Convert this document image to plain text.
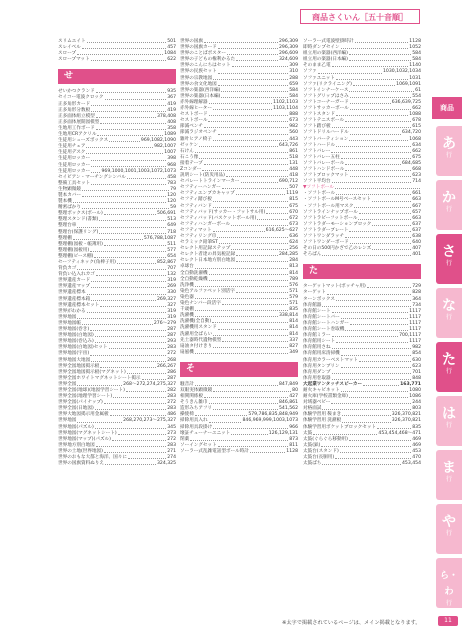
商品さくいん［五十音順］
スリムエイト	501
スレイベル	457
スロープ	1084
スロープマット	622
せ
せいかつクランド	935
セイコー電波クロック	367
正多角形カード	419
正多角形分数板	419
正多面体組立模型	378,408
正多面体展開図模型	408
生地用工作ボード	358
生地用CRアクリル	1089
生徒用シューズボックス	969,1082,1090
生徒用チェア	982,1007
生徒用デスク	1007
生徒用ロッカー	398
生徒用ロッカー	968
生徒用ロッカー 969,1000,1001,1003,1072,1073
セイビアン・マーチングシンバル	458
整備工具セット	783
生物顕微鏡	79
製本カバー	120
製本機	120
精密ばかり	59
整理ボックス(ボール)	506,691
整理スタンド(書類)	513
整理台車	649
整理台(保護リング)	718
整理棚	576,788,1087
整理棚(図板・帳簿用)	511
整理棚(図板用)	577
整理棚(ピース棚)	654
セーフティネック(角棒子用)	852,867
背負カゴ	707
背負い込入れカゴ	132
世界遺産カード	319
世界遺産マップ	269
世界遺産標本	330
世界遺産標本箱	269,327
世界遺産標本セット	327
世界がわかる	319
世界地図	319
世界地図帳	276〜279
世界地図(巻き)	287
世界地図(白地図)	287
世界地図(巻込み)	293
世界地図(白地図)セット	283
世界地図(宇宙)	272
世界地図大地図	268
世界全図地図掲示板	266,267
世界全図地図掲示板(マグネット)	286
世界全図ホワイトマグネットシート掲示	287
世界全図	268〜272,274,275,327
世界全図(地球)(地図学習シート)	282
世界全図(地理学習シート)	283
世界全図(パイナップ)	272
世界全図(日地図)	283
世界大地図掲示用金属板	486
世界地図	268,270,273〜275,327
世界地図(パズル)	345
世界地図(マグネットシート)	273
世界地図(マップ)(パズル)	272
世界地方別白地図	283
世界の土地(世界地図)	271
世界のおもな大都と海洋、国々に	274
世界の国旗資料ぬりえ	324,325
世界の国旗	296,309
世界の国旗カード	296,309
世界のことばポスター	296,609
世界の子どもの権利かるた	324,609
世界のこんにちはセット	309
世界の民族セット	310
世界の宗教地図	288
世界の食文化地図	659
世界の楽器(西洋編)	584
世界の楽器(日本編)	584
赤外線理解器	1102,1103
赤外線ヒーター	1103,1104
セストボード	888
セストボール	673
節減ベンチ	982
節減ラジオペンチ	560
雑叶ヒアノ椅子	443
ゼッケン	643,726
石けん	861
石こう像	518
接着テープ	131
Zコンダー	448
説明シート(防災用品)	418
セパレートトラインマーカー	690,712
セフティーハンガー	507
セフティエンブカキャップ	1119
セフティ踏び板	815
セフティバンド	675
セフティバッド(サッカー・フットサル用)	670
セフティバッド(バスケットボール用)	672
セフティハンガーボール	673
セフティマット	616,625〜627
セフティリング巾	636
セラミック鉛筆ST	624
セレクト用記録ステップ	256
セレクト者達の昇気税記録	284,285
セレクト日本地方別白地図	284
卓球台	813
全自動洗濯機	814
全自動乾燥機	789
洗浄機	576
染色アルファベット別活字	571
染色器	579
染色ナンバー段活字	571
千歳棚	835
洗濯機	338,814
洗濯機(全自動)	814
洗濯機用スタンド	814
洗濯用全ばらい	814
先土器時代遺物模型	337
扇油タ付けきり	827
扇風機	349
そ
騒音計	847,849
双眼実体顕微鏡	80
相関関係板	427
そうきん雑巾	846,861
造形みちアフリ	541,562
操使椅	579,786,835,848,949
掃除用具入れ	846,969,999,1003,1073
掃除用具段掛け	966
壊証チューナーユニット	126,129,131
閉薬	873
ソーイングセット	811
ソーラー式乱雑電話型ボール時計	1128
ソーラー式電波壁掛時計	1128
即時ダンプセイン	1052
組立用の楽器(西洋編)	584
組立用の楽器(日本編)	584
そのまま乙電	1140
ソファ	1030,1032,1034
ソファユニット	1031
ソファ(リクライニング)	1069,1091
ソフトインナーケース	61
ソフトグリップはさみ	554
ソフトコーナーガード	636,639,725
ソフトサッカーボール	662
ソフトスタンド	1088
ソフトテニスボール	678
ソフト踏び板	615
ソフトドリルハードル	634,720
ソフトバーティション	1068
ソフトハードル	634
ソフトバレー	662
ソフトバレー五柱	675
ソフトバレーボール	684,685
ソフトハンドボール	668
ソフトブロックマット	623
ソフト平均台	714
▼ソフトボール
・ソフトボール	661
・ソフトボールM号ベースセット	663
・ソフトボール用マスク	667
ソフトラインナップボール	657
ソフトラビーフットボール	663
ソフトラダーモーションブロック	637
ソフトラダーブレート	637
ソフトワンダラッチ	638
ソフトワンダーボード	640
その日の500円かざで乙のレンズ	407
そろばん	401
た
ターゲットマット(ボッチャ用)	729
ターゲット	828
ターンボックス	364
体育館器	734
体育館シート	1117
体育館シートバー	1117
体育館シートハンガー	1117
体育館シート巻取機	1117
体育館ミラー	700,1117
体育館用シート	1117
体育館用さね	982
体育館用床清掃機	854
体育用カラーベストマット	630
体育用タンブリン	623
体育用ダンプ	701
体育用巻取器	848
大起業ワンタッチスピーカー	163,771
耐火キャビネット	1080
耐火庫(学校書類金庫)	1086
対域器ベビー	244
対格面試	803
体験学習用 鞍まき	326,370,821
体験学習用 洗濯板	326,370,821
体験学習用ポケットブロックセット	835
太鼓	453,454,468〜471
太鼓(ぐらぐら移動用)	469
太鼓(鋲)	469
太鼓台(スタンド)	453
太鼓台(長胴用)	470
太鼓ばち	453,454
商品
あ
行
か
行
さ
行
な
行
た
行
は
行
ま
行
や
行
ら・わ
行
※太字で掲載されているページは、メイン掲載となります。	11
